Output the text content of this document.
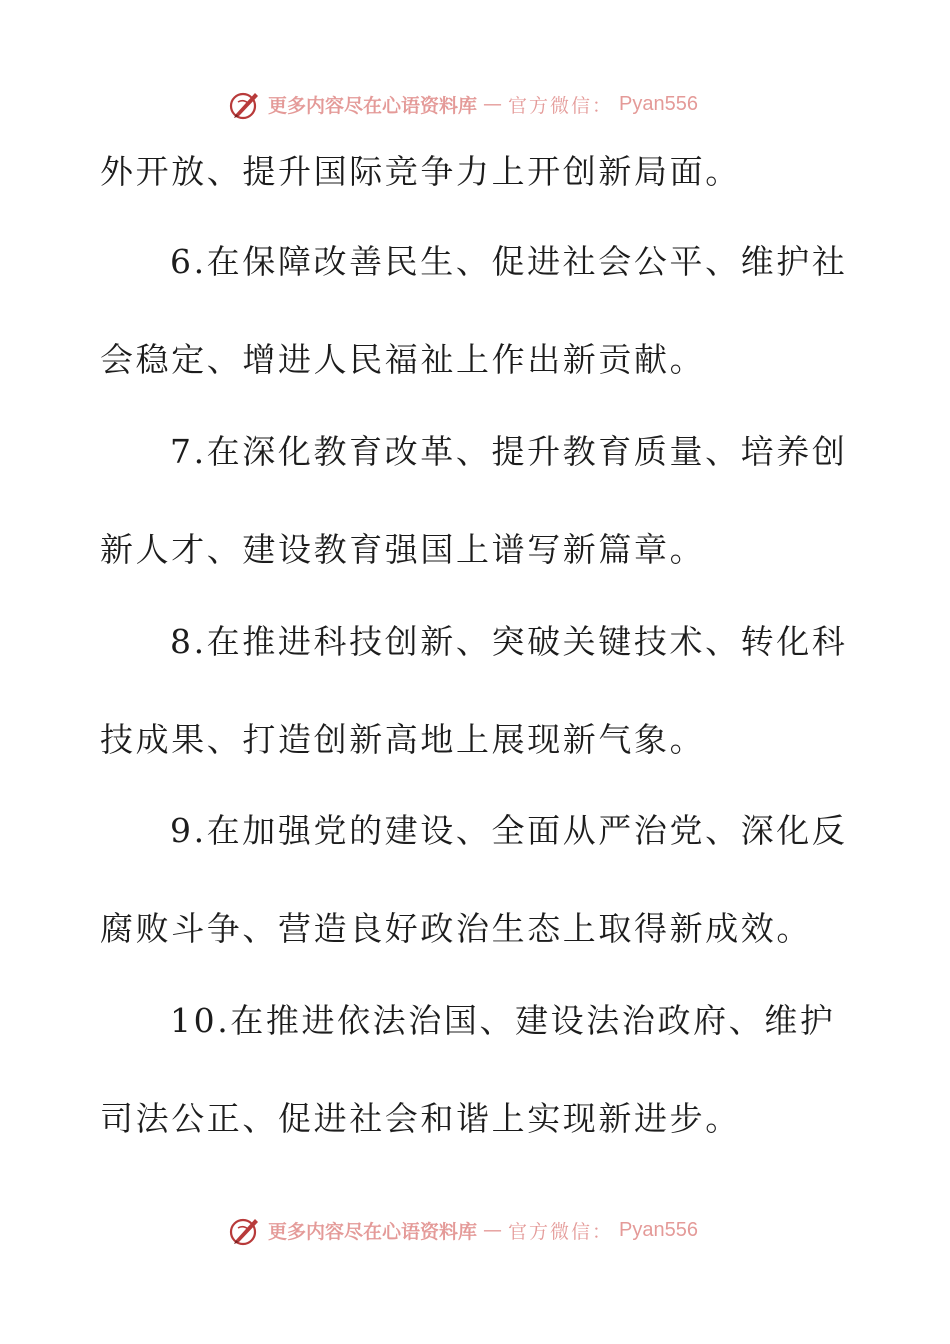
更多内容尽在心语资料库 — 官方微信： Pyan556
外开放、提升国际竞争力上开创新局面。
6.在保障改善民生、促进社会公平、维护社
会稳定、增进人民福祉上作出新贡献。
7.在深化教育改革、提升教育质量、培养创
新人才、建设教育强国上谱写新篇章。
8.在推进科技创新、突破关键技术、转化科
技成果、打造创新高地上展现新气象。
9.在加强党的建设、全面从严治党、深化反
腐败斗争、营造良好政治生态上取得新成效。
10.在推进依法治国、建设法治政府、维护
司法公正、促进社会和谐上实现新进步。
更多内容尽在心语资料库 — 官方微信： Pyan556
